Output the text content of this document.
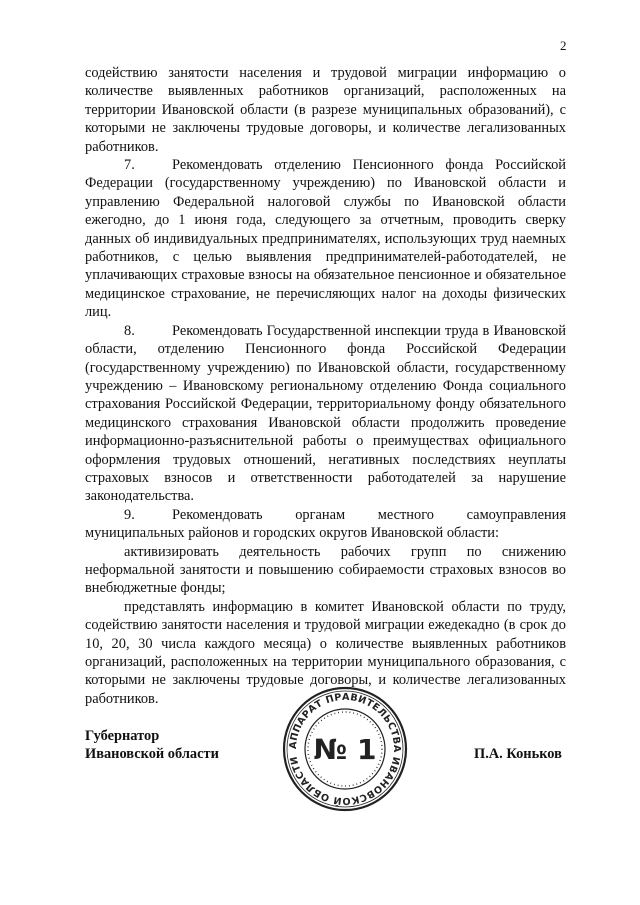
2

содействию занятости населения и трудовой миграции информацию о количестве выявленных работников организаций, расположенных на территории Ивановской области (в разрезе муниципальных образований), с которыми не заключены трудовые договоры, и количестве легализованных работников.

7.	Рекомендовать отделению Пенсионного фонда Российской Федерации (государственному учреждению) по Ивановской области и управлению Федеральной налоговой службы по Ивановской области ежегодно, до 1 июня года, следующего за отчетным, проводить сверку данных об индивидуальных предпринимателях, использующих труд наемных работников, с целью выявления предпринимателей-работодателей, не уплачивающих страховые взносы на обязательное пенсионное и обязательное медицинское страхование, не перечисляющих налог на доходы физических лиц.

8.	Рекомендовать Государственной инспекции труда в Ивановской области, отделению Пенсионного фонда Российской Федерации (государственному учреждению) по Ивановской области, государственному учреждению – Ивановскому региональному отделению Фонда социального страхования Российской Федерации, территориальному фонду обязательного медицинского страхования Ивановской области продолжить проведение информационно-разъяснительной работы о преимуществах официального оформления трудовых отношений, негативных последствиях неуплаты страховых взносов и ответственности работодателей за нарушение законодательства.

9.	Рекомендовать органам местного самоуправления муниципальных районов и городских округов Ивановской области:

активизировать деятельность рабочих групп по снижению неформальной занятости и повышению собираемости страховых взносов во внебюджетные фонды;

представлять информацию в комитет Ивановской области по труду, содействию занятости населения и трудовой миграции ежедекадно (в срок до 10, 20, 30 числа каждого месяца) о количестве выявленных работников организаций, расположенных на территории муниципального образования, с которыми не заключены трудовые договоры, и количестве легализованных работников.

Губернатор
Ивановской области
АППАРАТ ПРАВИТЕЛЬСТВА ИВАНОВСКОЙ ОБЛАСТИ № 1	П.А. Коньков
